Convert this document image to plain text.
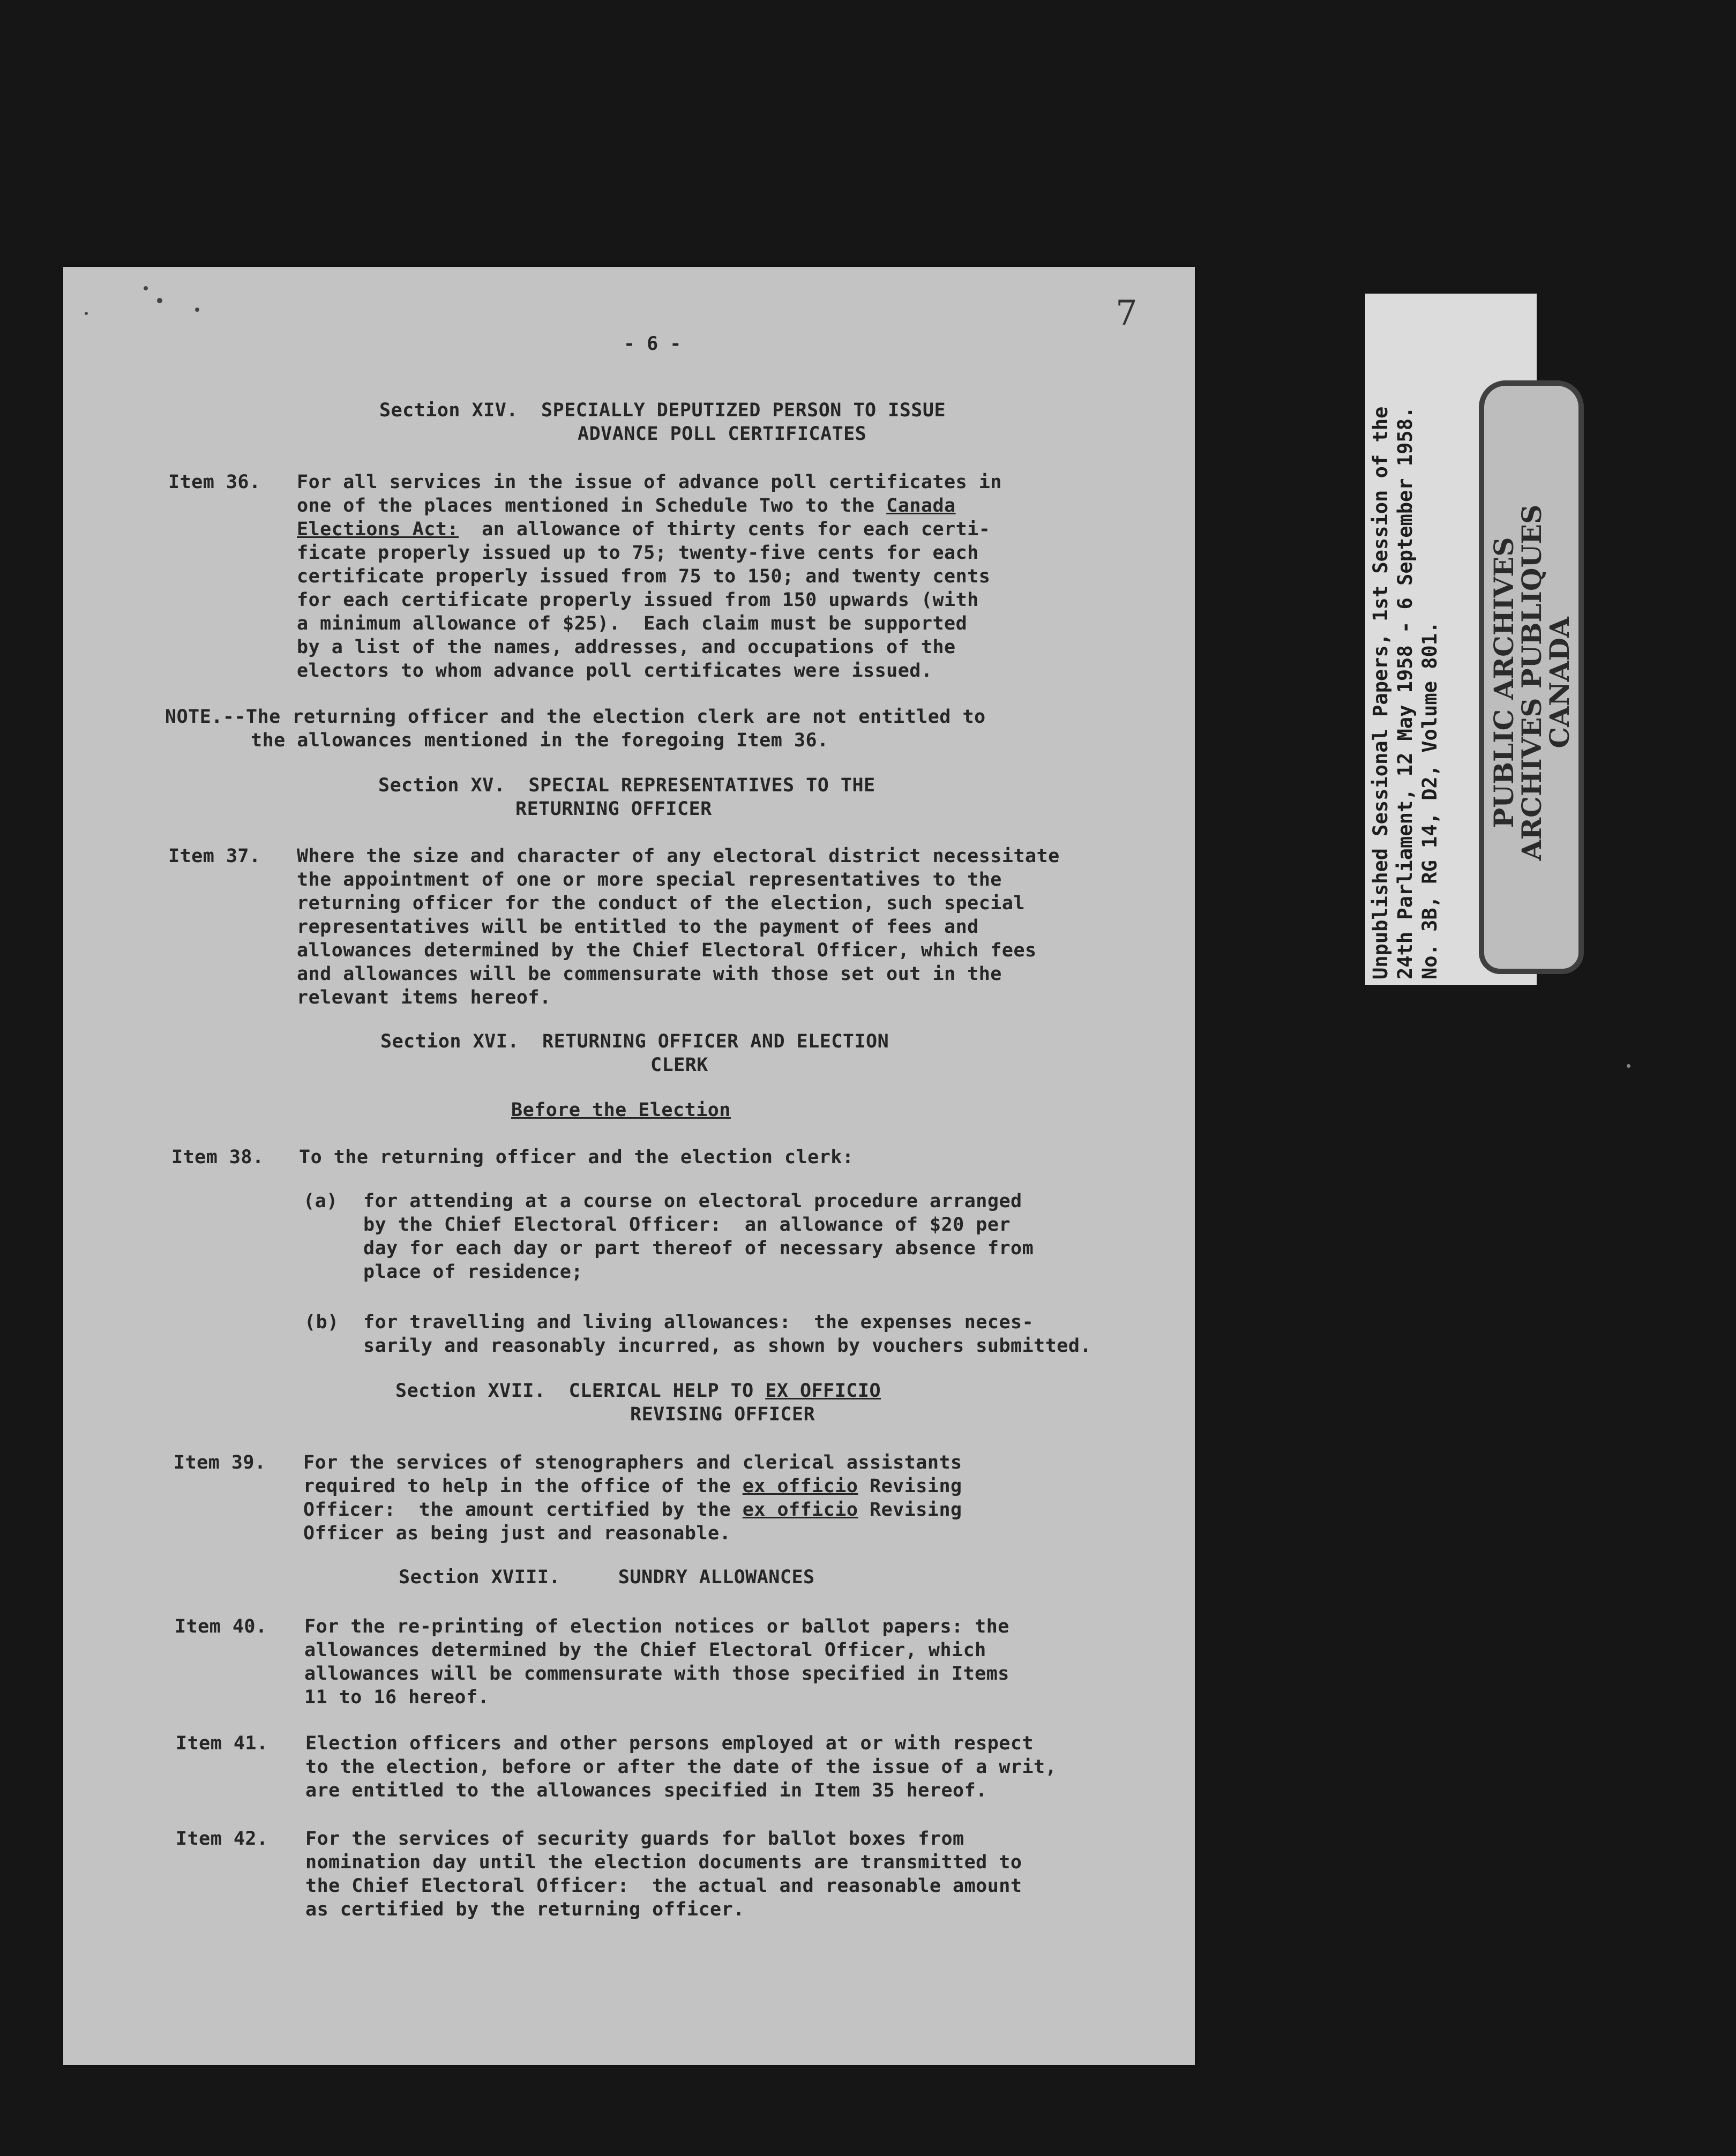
- 6 -
Section XIV.  SPECIALLY DEPUTIZED PERSON TO ISSUE
ADVANCE POLL CERTIFICATES
Item 36. For all services in the issue of advance poll certificates in
one of the places mentioned in Schedule Two to the Canada
Elections Act:  an allowance of thirty cents for each certi-
ficate properly issued up to 75; twenty-five cents for each
certificate properly issued from 75 to 150; and twenty cents
for each certificate properly issued from 150 upwards (with
a minimum allowance of $25).  Each claim must be supported
by a list of the names, addresses, and occupations of the
electors to whom advance poll certificates were issued.
NOTE.--The returning officer and the election clerk are not entitled to
the allowances mentioned in the foregoing Item 36.
Section XV.  SPECIAL REPRESENTATIVES TO THE
RETURNING OFFICER
Item 37. Where the size and character of any electoral district necessitate
the appointment of one or more special representatives to the
returning officer for the conduct of the election, such special
representatives will be entitled to the payment of fees and
allowances determined by the Chief Electoral Officer, which fees
and allowances will be commensurate with those set out in the
relevant items hereof.
Section XVI.  RETURNING OFFICER AND ELECTION
CLERK
Before the Election
Item 38. To the returning officer and the election clerk:
(a) for attending at a course on electoral procedure arranged
by the Chief Electoral Officer:  an allowance of $20 per
day for each day or part thereof of necessary absence from
place of residence;
(b) for travelling and living allowances:  the expenses neces-
sarily and reasonably incurred, as shown by vouchers submitted.
Section XVII.  CLERICAL HELP TO EX OFFICIO
REVISING OFFICER
Item 39. For the services of stenographers and clerical assistants
required to help in the office of the ex officio Revising
Officer:  the amount certified by the ex officio Revising
Officer as being just and reasonable.
Section XVIII.     SUNDRY ALLOWANCES
Item 40. For the re-printing of election notices or ballot papers: the
allowances determined by the Chief Electoral Officer, which
allowances will be commensurate with those specified in Items
11 to 16 hereof.
Item 41. Election officers and other persons employed at or with respect
to the election, before or after the date of the issue of a writ,
are entitled to the allowances specified in Item 35 hereof.
Item 42. For the services of security guards for ballot boxes from
nomination day until the election documents are transmitted to
the Chief Electoral Officer:  the actual and reasonable amount
as certified by the returning officer.
7
Unpublished Sessional Papers, 1st Session of the 24th Parliament, 12 May 1958 - 6 September 1958. No. 3B, RG 14, D2, Volume 801. PUBLIC ARCHIVES
ARCHIVES PUBLIQUES
CANADA
